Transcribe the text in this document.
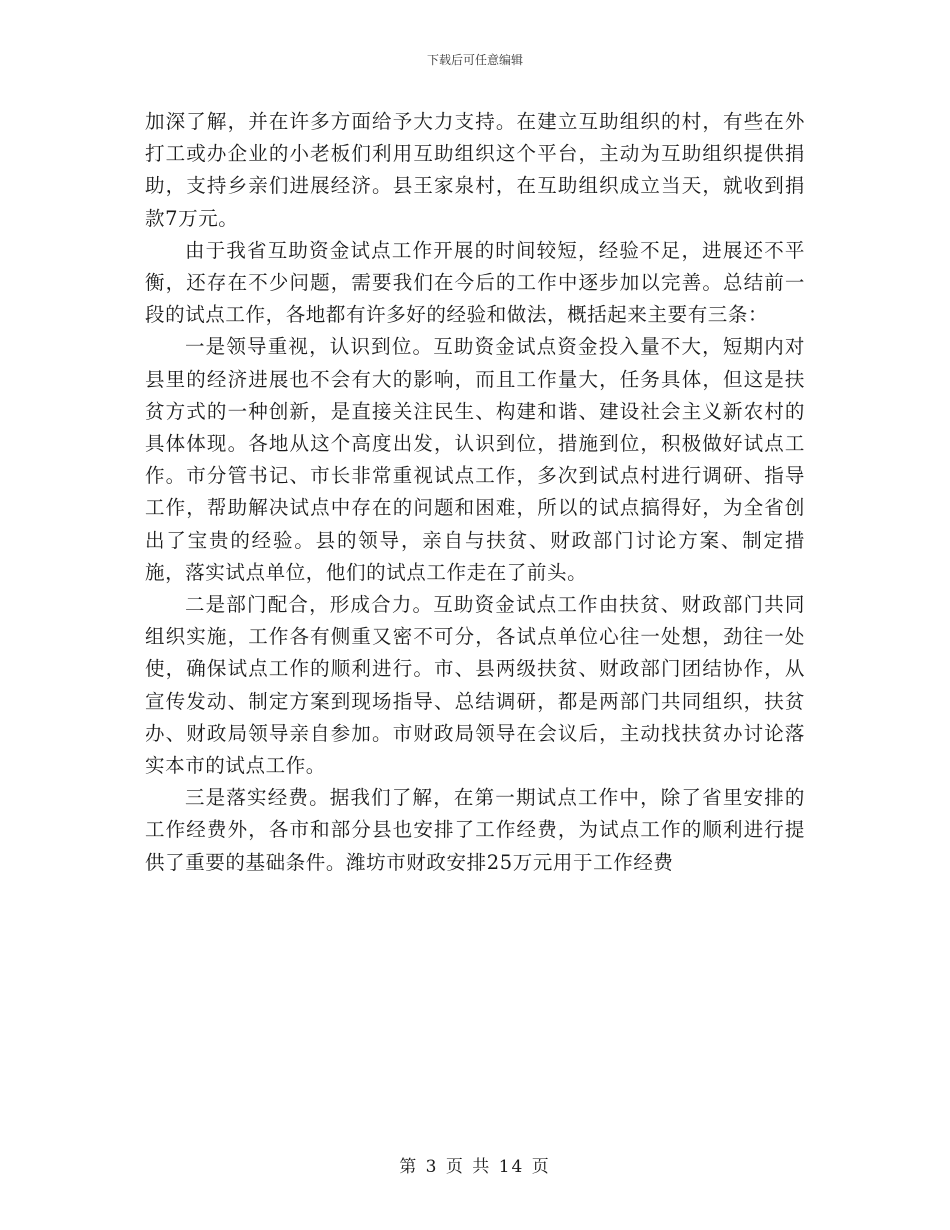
下载后可任意编辑

加深了解，并在许多方面给予大力支持。在建立互助组织的村，有些在外打工或办企业的小老板们利用互助组织这个平台，主动为互助组织提供捐助，支持乡亲们进展经济。县王家泉村，在互助组织成立当天，就收到捐款7万元。

由于我省互助资金试点工作开展的时间较短，经验不足，进展还不平衡，还存在不少问题，需要我们在今后的工作中逐步加以完善。总结前一段的试点工作，各地都有许多好的经验和做法，概括起来主要有三条：

一是领导重视，认识到位。互助资金试点资金投入量不大，短期内对县里的经济进展也不会有大的影响，而且工作量大，任务具体，但这是扶贫方式的一种创新，是直接关注民生、构建和谐、建设社会主义新农村的具体体现。各地从这个高度出发，认识到位，措施到位，积极做好试点工作。市分管书记、市长非常重视试点工作，多次到试点村进行调研、指导工作，帮助解决试点中存在的问题和困难，所以的试点搞得好，为全省创出了宝贵的经验。县的领导，亲自与扶贫、财政部门讨论方案、制定措施，落实试点单位，他们的试点工作走在了前头。

二是部门配合，形成合力。互助资金试点工作由扶贫、财政部门共同组织实施，工作各有侧重又密不可分，各试点单位心往一处想，劲往一处使，确保试点工作的顺利进行。市、县两级扶贫、财政部门团结协作，从宣传发动、制定方案到现场指导、总结调研，都是两部门共同组织，扶贫办、财政局领导亲自参加。市财政局领导在会议后，主动找扶贫办讨论落实本市的试点工作。

三是落实经费。据我们了解，在第一期试点工作中，除了省里安排的工作经费外，各市和部分县也安排了工作经费，为试点工作的顺利进行提供了重要的基础条件。潍坊市财政安排25万元用于工作经费

第 3 页 共 14 页
